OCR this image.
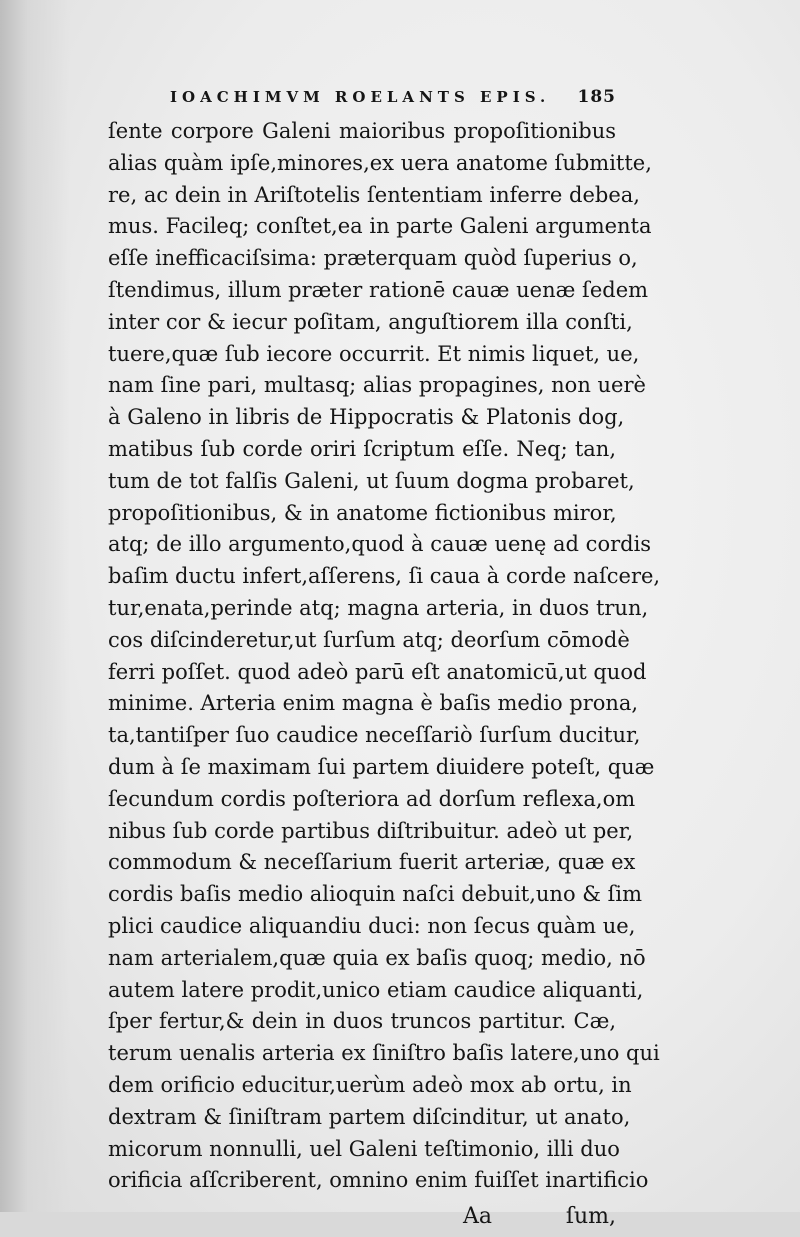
IOACHIMVM ROELANTS EPIS. 185
ſente corpore Galeni maioribus propoſitionibus
alias quàm ipſe,minores,ex uera anatome ſubmitte,
re, ac dein in Ariſtotelis ſententiam inferre debea,
mus. Facileq; conſtet,ea in parte Galeni argumenta
eſſe inefficaciſsima: præterquam quòd ſuperius o,
ſtendimus, illum præter rationē cauæ uenæ ſedem
inter cor & iecur poſitam, anguſtiorem illa conſti,
tuere,quæ ſub iecore occurrit. Et nimis liquet, ue,
nam ſine pari, multasq; alias propagines, non uerè
à Galeno in libris de Hippocratis & Platonis dog,
matibus ſub corde oriri ſcriptum eſſe. Neq; tan,
tum de tot falſis Galeni, ut ſuum dogma probaret,
propoſitionibus, & in anatome fictionibus miror,
atq; de illo argumento,quod à cauæ uenę ad cordis
baſim ductu infert,aſſerens, ſi caua à corde naſcere,
tur,enata,perinde atq; magna arteria, in duos trun,
cos diſcinderetur,ut ſurſum atq; deorſum cōmodè
ferri poſſet. quod adeò parū eſt anatomicū,ut quod
minime. Arteria enim magna è baſis medio prona,
ta,tantiſper ſuo caudice neceſſariò ſurſum ducitur,
dum à ſe maximam ſui partem diuidere poteſt, quæ
ſecundum cordis poſteriora ad dorſum reflexa,om
nibus ſub corde partibus diſtribuitur. adeò ut per,
commodum & neceſſarium fuerit arteriæ, quæ ex
cordis baſis medio alioquin naſci debuit,uno & ſim
plici caudice aliquandiu duci: non ſecus quàm ue,
nam arterialem,quæ quia ex baſis quoq; medio, nō
autem latere prodit,unico etiam caudice aliquanti,
ſper fertur,& dein in duos truncos partitur. Cæ,
terum uenalis arteria ex ſiniſtro baſis latere,uno qui
dem orificio educitur,uerùm adeò mox ab ortu, in
dextram & ſiniſtram partem diſcinditur, ut anato,
micorum nonnulli, uel Galeni teſtimonio, illi duo
orificia aſſcriberent, omnino enim fuiſſet inartificio
Aa	ſum,
